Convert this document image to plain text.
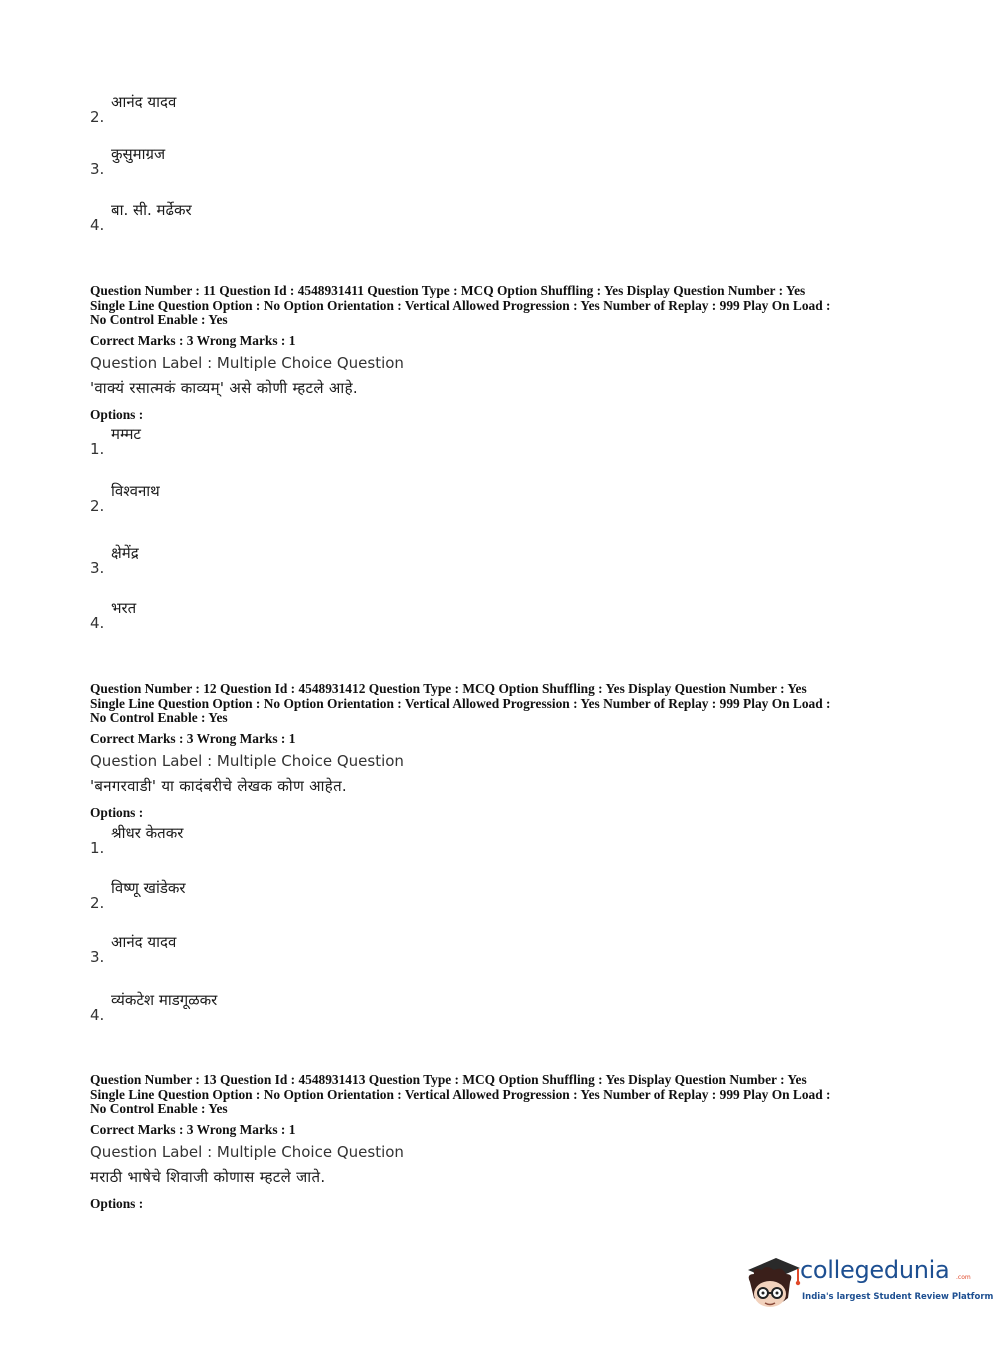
2.
आनंद यादव
3.
कुसुमाग्रज
4.
बा. सी. मर्ढेकर

Question Number : 11 Question Id : 4548931411 Question Type : MCQ Option Shuffling : Yes Display Question Number : Yes

Single Line Question Option : No Option Orientation : Vertical Allowed Progression : Yes Number of Replay : 999 Play On Load :

No Control Enable : Yes

Correct Marks : 3 Wrong Marks : 1
Question Label : Multiple Choice Question
'वाक्यं रसात्मकं काव्यम्' असे कोणी म्हटले आहे.
Options :
1.
मम्मट
2.
विश्वनाथ
3.
क्षेमेंद्र
4.
भरत

Question Number : 12 Question Id : 4548931412 Question Type : MCQ Option Shuffling : Yes Display Question Number : Yes

Single Line Question Option : No Option Orientation : Vertical Allowed Progression : Yes Number of Replay : 999 Play On Load :

No Control Enable : Yes

Correct Marks : 3 Wrong Marks : 1
Question Label : Multiple Choice Question
'बनगरवाडी' या कादंबरीचे लेखक कोण आहेत.
Options :
1.
श्रीधर केतकर
2.
विष्णू खांडेकर
3.
आनंद यादव
4.
व्यंकटेश माडगूळकर

Question Number : 13 Question Id : 4548931413 Question Type : MCQ Option Shuffling : Yes Display Question Number : Yes

Single Line Question Option : No Option Orientation : Vertical Allowed Progression : Yes Number of Replay : 999 Play On Load :

No Control Enable : Yes

Correct Marks : 3 Wrong Marks : 1
Question Label : Multiple Choice Question
मराठी भाषेचे शिवाजी कोणास म्हटले जाते.
Options :
collegedunia .com
India's largest Student Review Platform
